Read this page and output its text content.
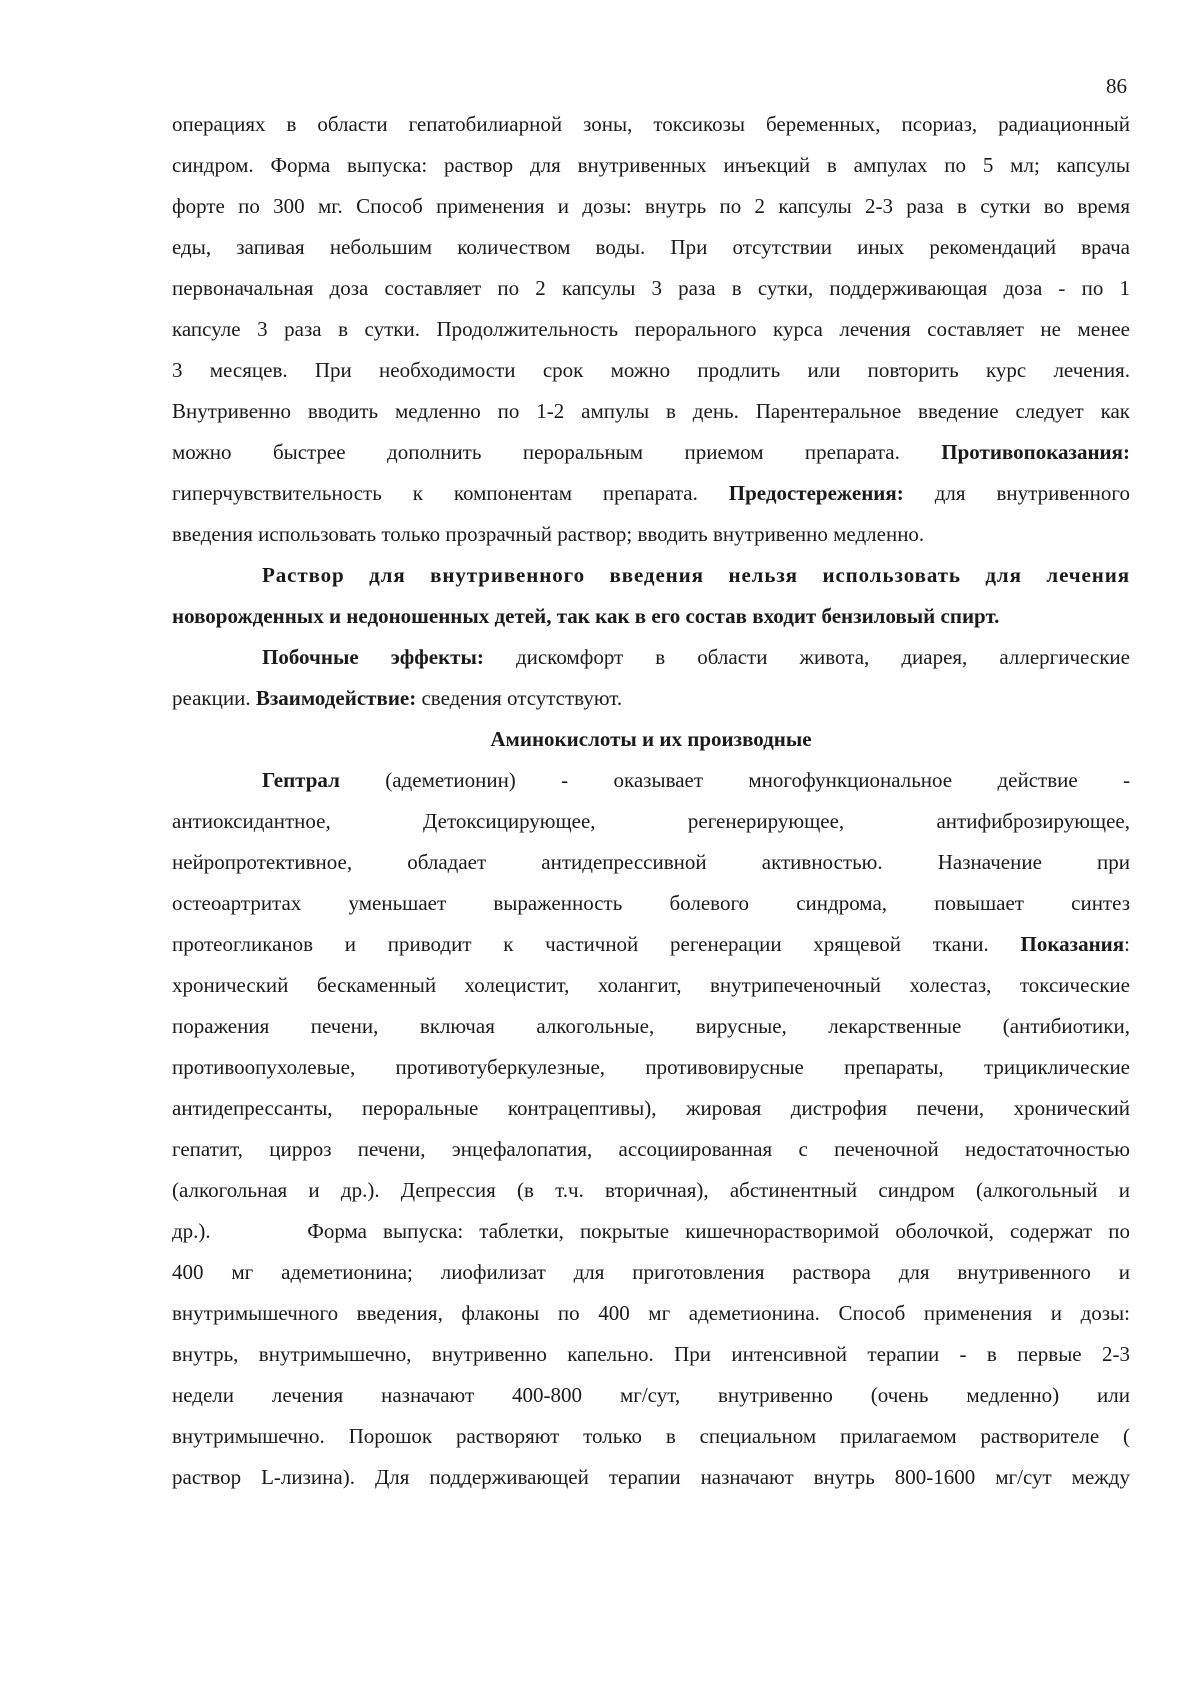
86
операциях в области гепатобилиарной зоны, токсикозы беременных, псориаз, радиационный
синдром. Форма выпуска: раствор для внутривенных инъекций в ампулах по 5 мл; капсулы
форте по 300 мг. Способ применения и дозы: внутрь по 2 капсулы 2-3 раза в сутки во время
еды, запивая небольшим количеством воды. При отсутствии иных рекомендаций врача
первоначальная доза составляет по 2 капсулы 3 раза в сутки, поддерживающая доза - по 1
капсуле 3 раза в сутки. Продолжительность перорального курса лечения составляет не менее
3 месяцев. При необходимости срок можно продлить или повторить курс лечения.
Внутривенно вводить медленно по 1-2 ампулы в день. Парентеральное введение следует как
можно быстрее дополнить пероральным приемом препарата. Противопоказания:
гиперчувствительность к компонентам препарата. Предостережения: для внутривенного
введения использовать только прозрачный раствор; вводить внутривенно медленно.
Раствор для внутривенного введения нельзя использовать для лечения
новорожденных и недоношенных детей, так как в его состав входит бензиловый спирт.
Побочные эффекты: дискомфорт в области живота, диарея, аллергические
реакции. Взаимодействие: сведения отсутствуют.
Аминокислоты и их производные
Гептрал (адеметионин) - оказывает многофункциональное действие -
антиоксидантное, Детоксицирующее, регенерирующее, антифиброзирующее,
нейропротективное, обладает антидепрессивной активностью. Назначение при
остеоартритах уменьшает выраженность болевого синдрома, повышает синтез
протеогликанов и приводит к частичной регенерации хрящевой ткани. Показания:
хронический бескаменный холецистит, холангит, внутрипеченочный холестаз, токсические
поражения печени, включая алкогольные, вирусные, лекарственные (антибиотики,
противоопухолевые, противотуберкулезные, противовирусные препараты, трициклические
антидепрессанты, пероральные контрацептивы), жировая дистрофия печени, хронический
гепатит, цирроз печени, энцефалопатия, ассоциированная с печеночной недостаточностью
(алкогольная и др.). Депрессия (в т.ч. вторичная), абстинентный синдром (алкогольный и
др.).      Форма выпуска: таблетки, покрытые кишечнорастворимой оболочкой, содержат по
400 мг адеметионина; лиофилизат для приготовления раствора для внутривенного и
внутримышечного введения, флаконы по 400 мг адеметионина. Способ применения и дозы:
внутрь, внутримышечно, внутривенно капельно. При интенсивной терапии - в первые 2-3
недели лечения назначают 400-800 мг/сут, внутривенно (очень медленно) или
внутримышечно. Порошок растворяют только в специальном прилагаемом растворителе (
раствор L-лизина). Для поддерживающей терапии назначают внутрь 800-1600 мг/сут между
